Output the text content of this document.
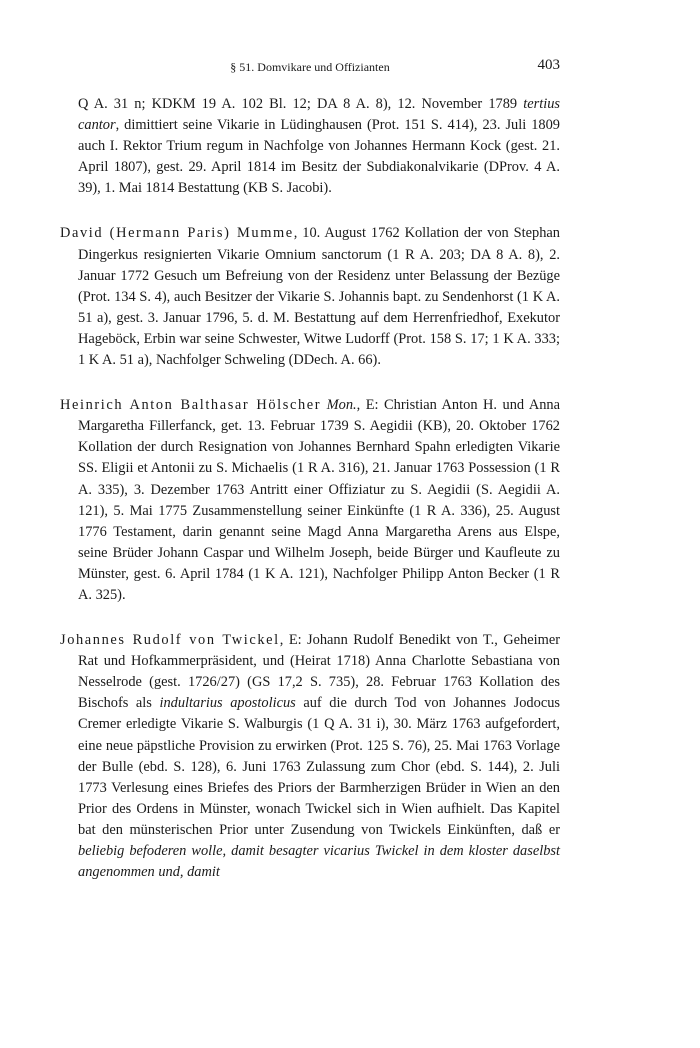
§ 51. Domvikare und Offizianten	403

Q A. 31 n; KDKM 19 A. 102 Bl. 12; DA 8 A. 8), 12. November 1789 tertius cantor, dimittiert seine Vikarie in Lüdinghausen (Prot. 151 S. 414), 23. Juli 1809 auch I. Rektor Trium regum in Nachfolge von Johannes Hermann Kock (gest. 21. April 1807), gest. 29. April 1814 im Besitz der Subdiakonalvikarie (DProv. 4 A. 39), 1. Mai 1814 Bestattung (KB S. Jacobi).

David (Hermann Paris) Mumme, 10. August 1762 Kollation der von Stephan Dingerkus resignierten Vikarie Omnium sanctorum (1 R A. 203; DA 8 A. 8), 2. Januar 1772 Gesuch um Befreiung von der Residenz unter Belassung der Bezüge (Prot. 134 S. 4), auch Besitzer der Vikarie S. Johannis bapt. zu Sendenhorst (1 K A. 51 a), gest. 3. Januar 1796, 5. d. M. Bestattung auf dem Herrenfriedhof, Exekutor Hageböck, Erbin war seine Schwester, Witwe Ludorff (Prot. 158 S. 17; 1 K A. 333; 1 K A. 51 a), Nachfolger Schweling (DDech. A. 66).

Heinrich Anton Balthasar Hölscher Mon., E: Christian Anton H. und Anna Margaretha Fillerfanck, get. 13. Februar 1739 S. Aegidii (KB), 20. Oktober 1762 Kollation der durch Resignation von Johannes Bernhard Spahn erledigten Vikarie SS. Eligii et Antonii zu S. Michaelis (1 R A. 316), 21. Januar 1763 Possession (1 R A. 335), 3. Dezember 1763 Antritt einer Offiziatur zu S. Aegidii (S. Aegidii A. 121), 5. Mai 1775 Zusammenstellung seiner Einkünfte (1 R A. 336), 25. August 1776 Testament, darin genannt seine Magd Anna Margaretha Arens aus Elspe, seine Brüder Johann Caspar und Wilhelm Joseph, beide Bürger und Kaufleute zu Münster, gest. 6. April 1784 (1 K A. 121), Nachfolger Philipp Anton Becker (1 R A. 325).

Johannes Rudolf von Twickel, E: Johann Rudolf Benedikt von T., Geheimer Rat und Hofkammerpräsident, und (Heirat 1718) Anna Charlotte Sebastiana von Nesselrode (gest. 1726/27) (GS 17,2 S. 735), 28. Februar 1763 Kollation des Bischofs als indultarius apostolicus auf die durch Tod von Johannes Jodocus Cremer erledigte Vikarie S. Walburgis (1 Q A. 31 i), 30. März 1763 aufgefordert, eine neue päpstliche Provision zu erwirken (Prot. 125 S. 76), 25. Mai 1763 Vorlage der Bulle (ebd. S. 128), 6. Juni 1763 Zulassung zum Chor (ebd. S. 144), 2. Juli 1773 Verlesung eines Briefes des Priors der Barmherzigen Brüder in Wien an den Prior des Ordens in Münster, wonach Twickel sich in Wien aufhielt. Das Kapitel bat den münsterischen Prior unter Zusendung von Twickels Einkünften, daß er beliebig befoderen wolle, damit besagter vicarius Twickel in dem kloster daselbst angenommen und, damit
